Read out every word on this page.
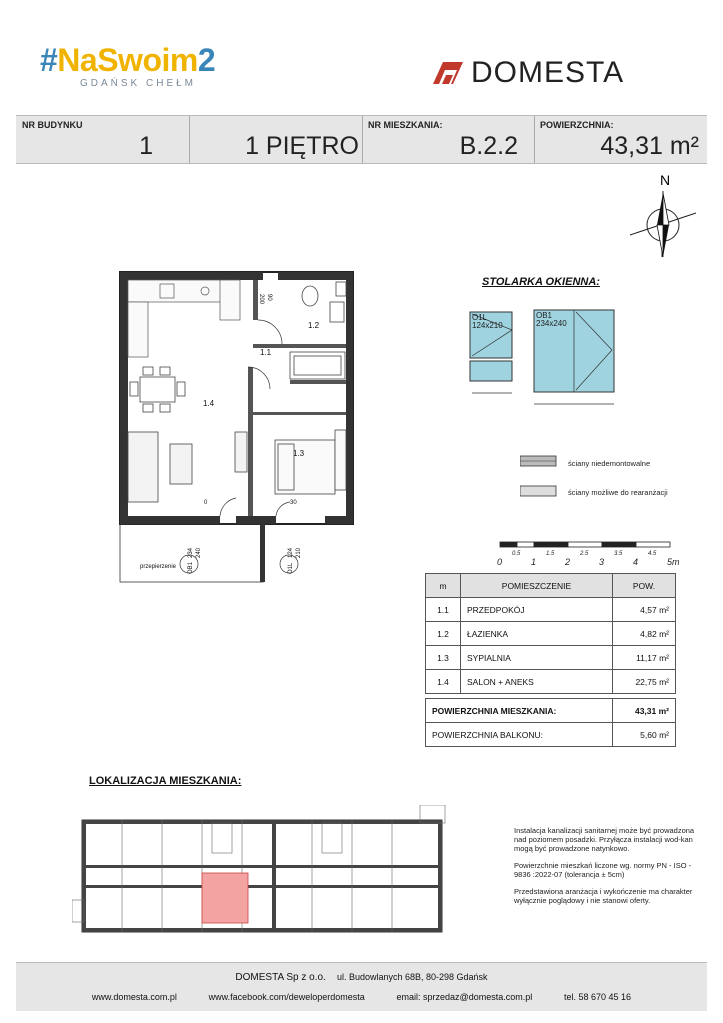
#NaSwoim2
GDAŃSK CHEŁM	DOMESTA
NR BUDYNKU
1	1 PIĘTRO
NR MIESZKANIA:
B.2.2
POWIERZCHNIA:
43,31 m²
N
1.1
1.2
1.3
1.4
0	30
przepierzenie
200 90
OB1
234 240
O1L
124 210
STOLARKA OKIENNA:
O1L
124x210
OB1
234x240
ściany niedemontowalne
ściany możliwe do rearanżacji
0
0.5
1
1.5
2
2.5
3
3.5
4
4.5
5m
m	POMIESZCZENIE	POW.
1.1	PRZEDPOKÓJ	4,57 m²
1.2	ŁAZIENKA	4,82 m²
1.3	SYPIALNIA	11,17 m²
1.4	SALON + ANEKS	22,75 m²

POWIERZCHNIA MIESZKANIA:		43,31 m²
POWIERZCHNIA BALKONU:		5,60 m²
LOKALIZACJA MIESZKANIA:

Instalacja kanalizacji sanitarnej może być prowadzona nad poziomem posadzki. Przyłącza instalacji wod-kan mogą być prowadzone natynkowo.

Powierzchnie mieszkań liczone wg. normy PN - ISO - 9836 :2022-07 (tolerancja ± 5cm)

Przedstawiona aranżacja i wykończenie ma charakter wyłącznie poglądowy i nie stanowi oferty.

DOMESTA Sp z o.o. ul. Budowlanych 68B, 80-298 Gdańsk
www.domesta.com.pl	www.facebook.com/deweloperdomesta	email: sprzedaz@domesta.com.pl	tel. 58 670 45 16
